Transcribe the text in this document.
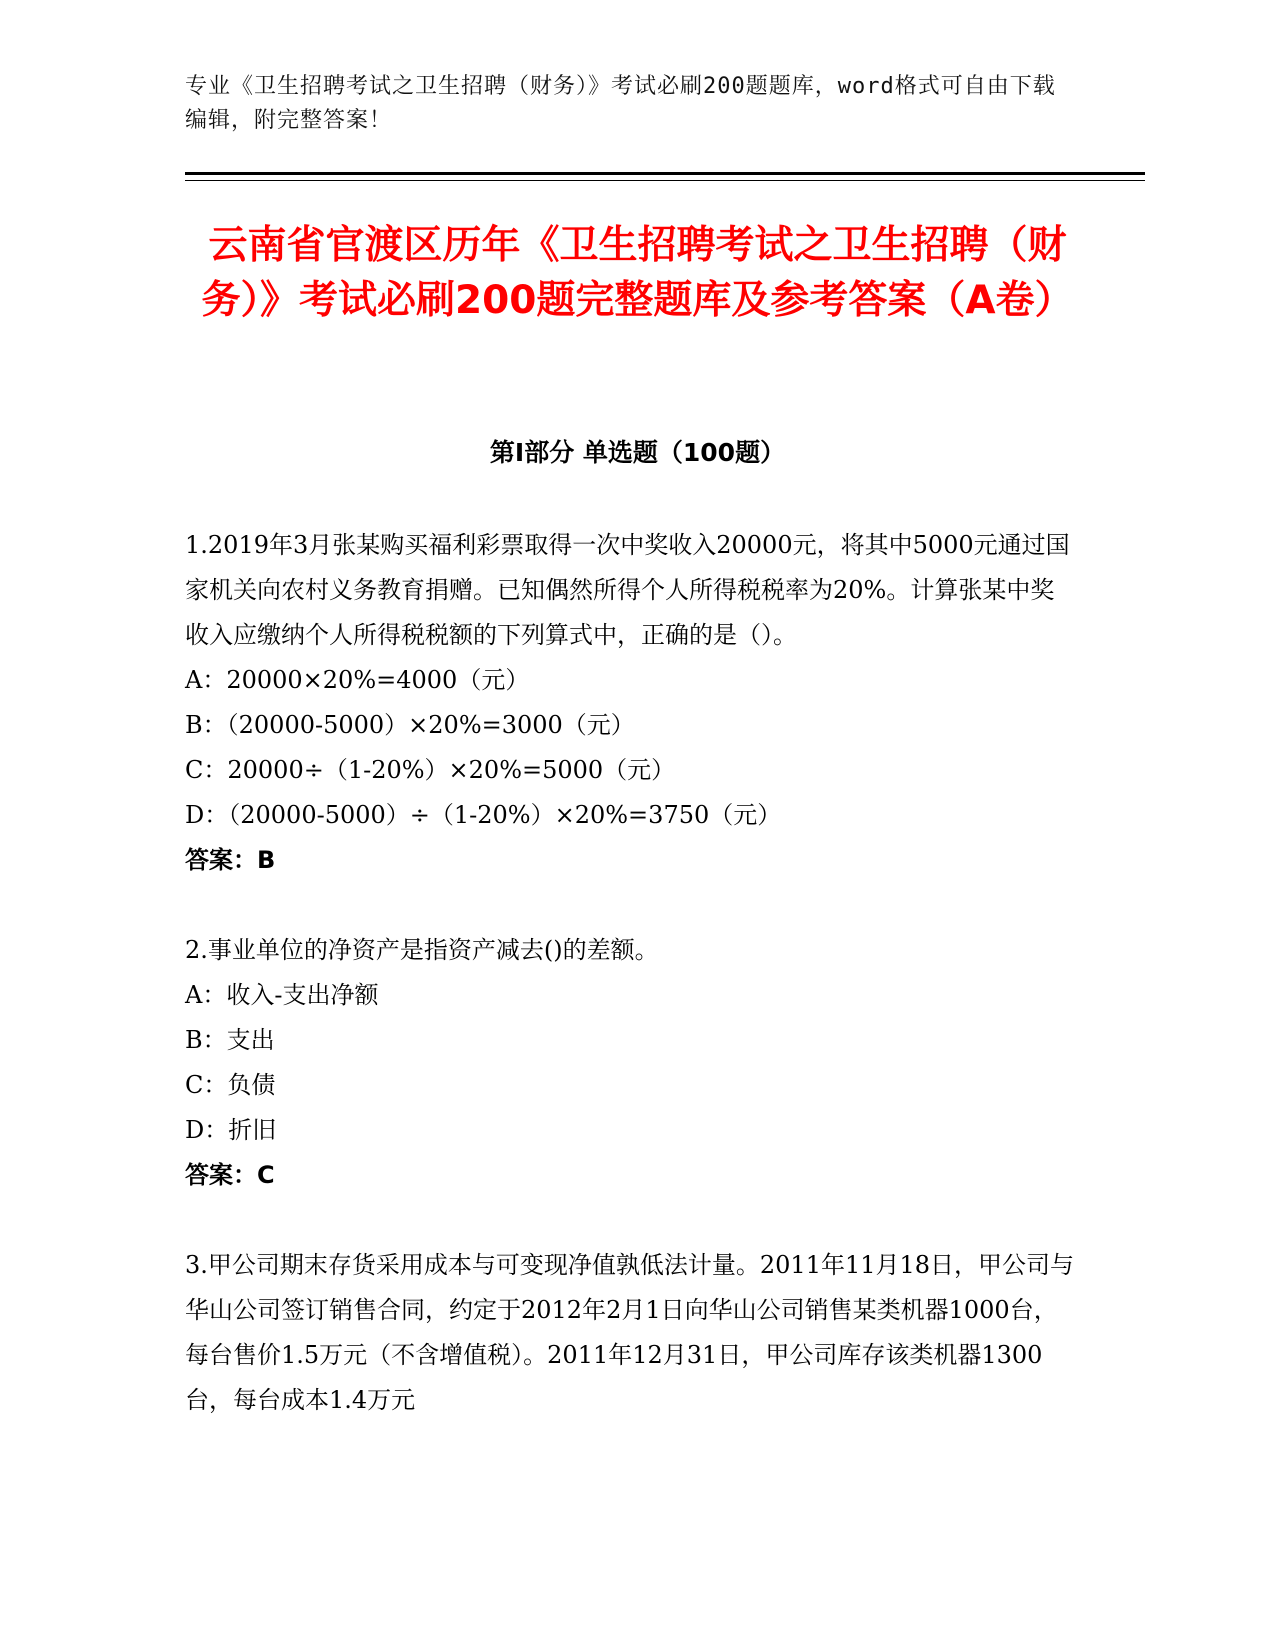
专业《卫生招聘考试之卫生招聘（财务）》考试必刷200题题库，word格式可自由下载编辑，附完整答案！
云南省官渡区历年《卫生招聘考试之卫生招聘（财务）》考试必刷200题完整题库及参考答案（A卷）
第I部分 单选题（100题）

1.2019年3月张某购买福利彩票取得一次中奖收入20000元，将其中5000元通过国家机关向农村义务教育捐赠。已知偶然所得个人所得税税率为20%。计算张某中奖收入应缴纳个人所得税税额的下列算式中，正确的是（）。

A：20000×20%=4000（元）

B：（20000-5000）×20%=3000（元）

C：20000÷（1-20%）×20%=5000（元）

D：（20000-5000）÷（1-20%）×20%=3750（元）

答案：B

2.事业单位的净资产是指资产减去()的差额。

A：收入-支出净额

B：支出

C：负债

D：折旧

答案：C

3.甲公司期末存货采用成本与可变现净值孰低法计量。2011年11月18日，甲公司与华山公司签订销售合同，约定于2012年2月1日向华山公司销售某类机器1000台，每台售价1.5万元（不含增值税）。2011年12月31日，甲公司库存该类机器1300台，每台成本1.4万元
